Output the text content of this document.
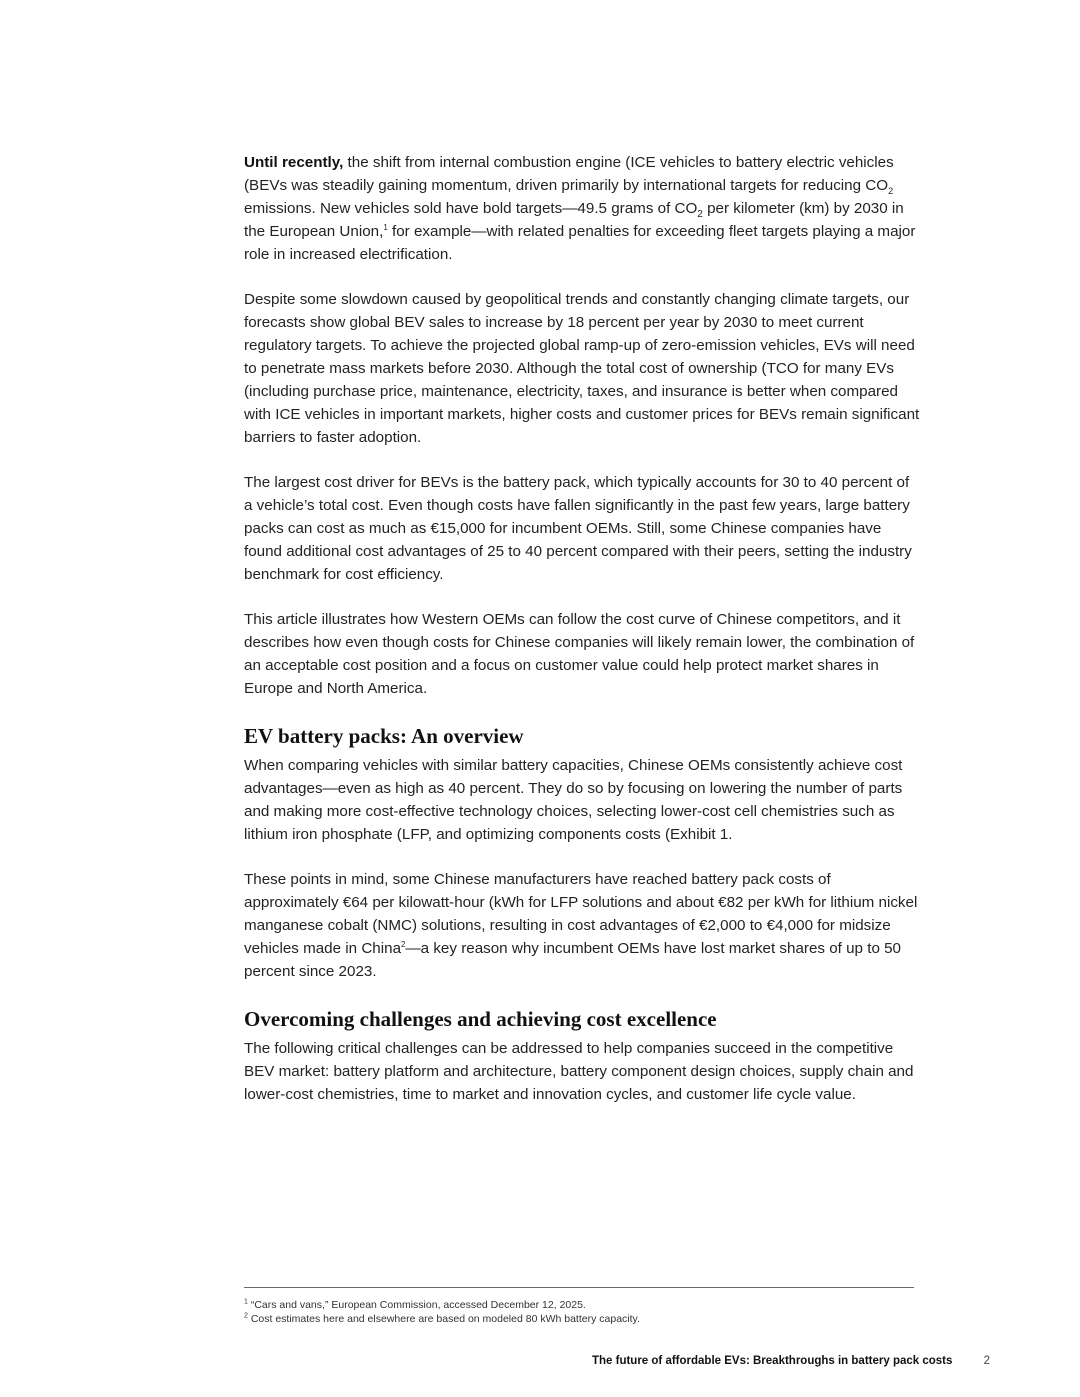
Until recently, the shift from internal combustion engine (ICE vehicles to battery electric vehicles (BEVs was steadily gaining momentum, driven primarily by international targets for reducing $CO_2$ emissions. New vehicles sold have bold targets—49.5 grams of $CO_2$ per kilometer (km) by 2030 in the European Union,$^1$ for example—with related penalties for exceeding fleet targets playing a major role in increased electrification.

Despite some slowdown caused by geopolitical trends and constantly changing climate targets, our forecasts show global BEV sales to increase by 18 percent per year by 2030 to meet current regulatory targets. To achieve the projected global ramp-up of zero-emission vehicles, EVs will need to penetrate mass markets before 2030. Although the total cost of ownership (TCO for many EVs (including purchase price, maintenance, electricity, taxes, and insurance is better when compared with ICE vehicles in important markets, higher costs and customer prices for BEVs remain significant barriers to faster adoption.

The largest cost driver for BEVs is the battery pack, which typically accounts for 30 to 40 percent of a vehicle’s total cost. Even though costs have fallen significantly in the past few years, large battery packs can cost as much as €15,000 for incumbent OEMs. Still, some Chinese companies have found additional cost advantages of 25 to 40 percent compared with their peers, setting the industry benchmark for cost efficiency.

This article illustrates how Western OEMs can follow the cost curve of Chinese competitors, and it describes how even though costs for Chinese companies will likely remain lower, the combination of an acceptable cost position and a focus on customer value could help protect market shares in Europe and North America.

EV battery packs: An overview

When comparing vehicles with similar battery capacities, Chinese OEMs consistently achieve cost advantages—even as high as 40 percent. They do so by focusing on lowering the number of parts and making more cost-effective technology choices, selecting lower-cost cell chemistries such as lithium iron phosphate (LFP, and optimizing components costs (Exhibit 1.

These points in mind, some Chinese manufacturers have reached battery pack costs of approximately €64 per kilowatt-hour (kWh for LFP solutions and about €82 per kWh for lithium nickel manganese cobalt (NMC) solutions, resulting in cost advantages of €2,000 to €4,000 for midsize vehicles made in China$^2$—a key reason why incumbent OEMs have lost market shares of up to 50 percent since 2023.

Overcoming challenges and achieving cost excellence

The following critical challenges can be addressed to help companies succeed in the competitive BEV market: battery platform and architecture, battery component design choices, supply chain and lower-cost chemistries, time to market and innovation cycles, and customer life cycle value.

$^1$ “Cars and vans,” European Commission, accessed December 12, 2025.
$^2$ Cost estimates here and elsewhere are based on modeled 80 kWh battery capacity.
The future of affordable EVs: Breakthroughs in battery pack costs	2
